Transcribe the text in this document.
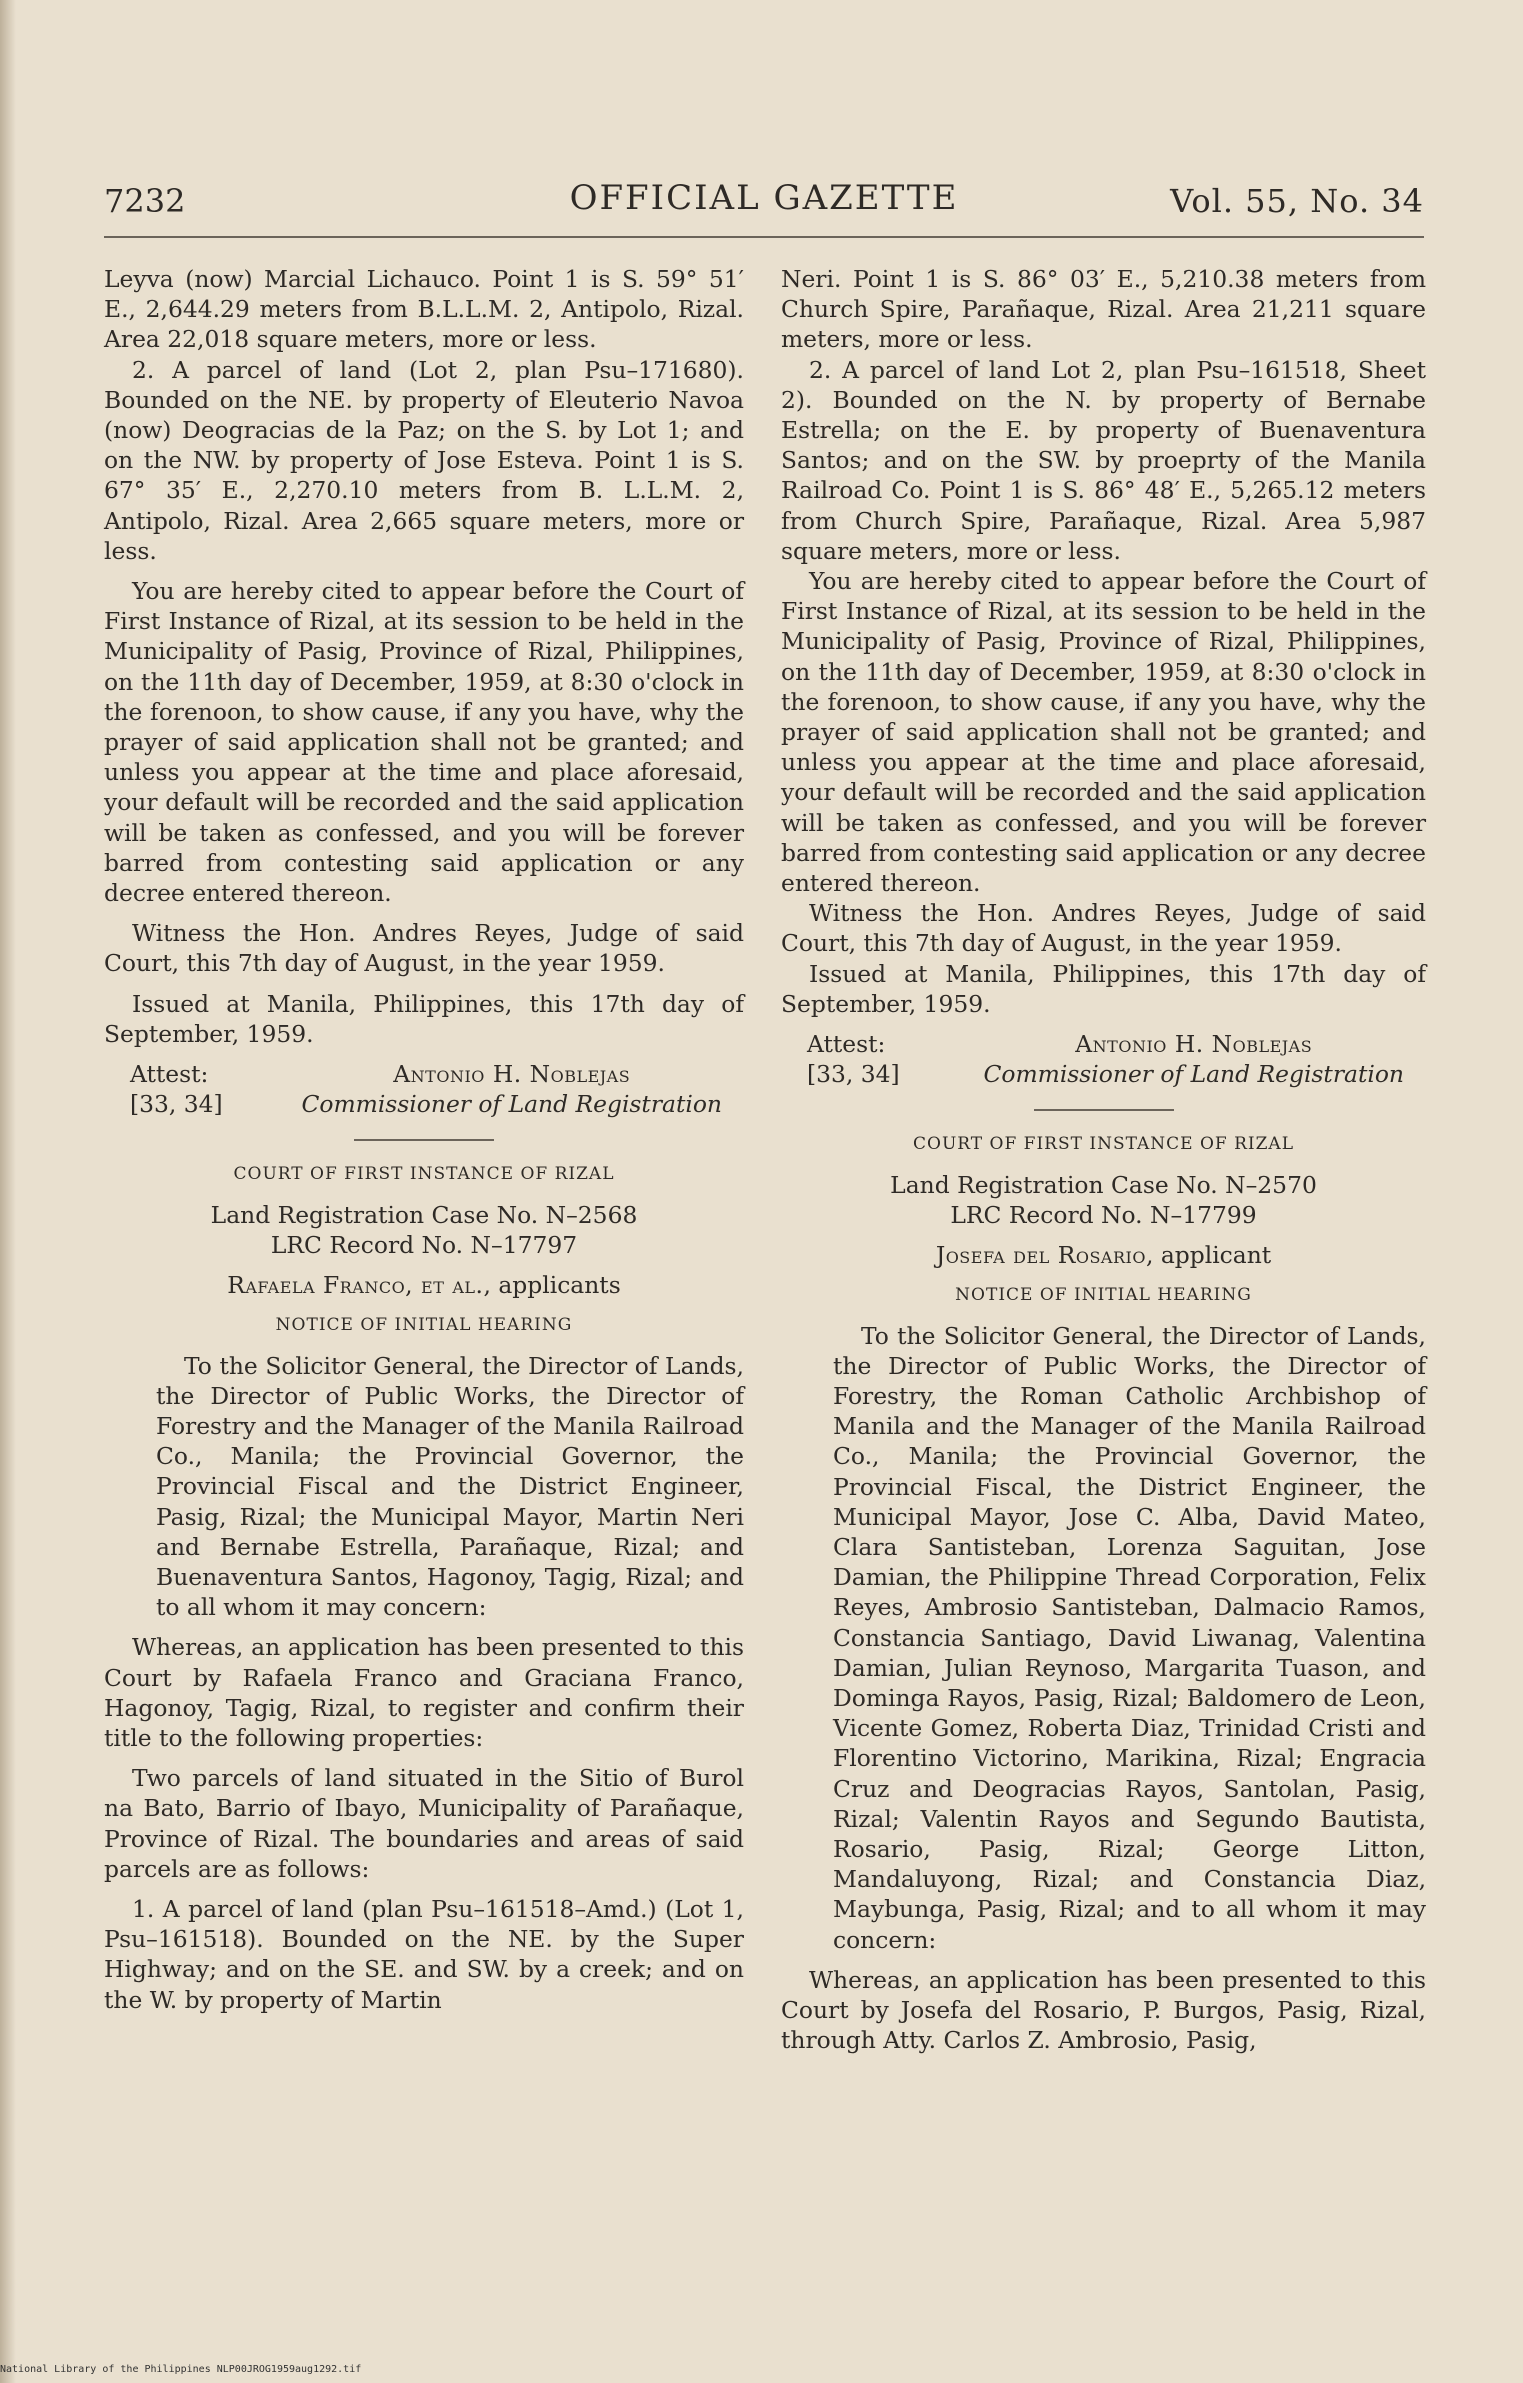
7232	OFFICIAL GAZETTE	Vol. 55, No. 34

Leyva (now) Marcial Lichauco. Point 1 is S. 59° 51′ E., 2,644.29 meters from B.L.L.M. 2, Antipolo, Rizal. Area 22,018 square meters, more or less.

2. A parcel of land (Lot 2, plan Psu–171680). Bounded on the NE. by property of Eleuterio Navoa (now) Deogracias de la Paz; on the S. by Lot 1; and on the NW. by property of Jose Esteva. Point 1 is S. 67° 35′ E., 2,270.10 meters from B. L.L.M. 2, Antipolo, Rizal. Area 2,665 square meters, more or less.

You are hereby cited to appear before the Court of First Instance of Rizal, at its session to be held in the Municipality of Pasig, Province of Rizal, Philippines, on the 11th day of December, 1959, at 8:30 o'clock in the forenoon, to show cause, if any you have, why the prayer of said application shall not be granted; and unless you appear at the time and place aforesaid, your default will be recorded and the said application will be taken as confessed, and you will be forever barred from contesting said application or any decree entered thereon.

Witness the Hon. Andres Reyes, Judge of said Court, this 7th day of August, in the year 1959.

Issued at Manila, Philippines, this 17th day of September, 1959.

Attest:
[33, 34]
Antonio H. Noblejas
Commissioner of Land Registration
COURT OF FIRST INSTANCE OF RIZAL
Land Registration Case No. N–2568
LRC Record No. N–17797
Rafaela Franco, et al., applicants
NOTICE OF INITIAL HEARING

To the Solicitor General, the Director of Lands, the Director of Public Works, the Director of Forestry and the Manager of the Manila Railroad Co., Manila; the Provincial Governor, the Provincial Fiscal and the District Engineer, Pasig, Rizal; the Municipal Mayor, Martin Neri and Bernabe Estrella, Parañaque, Rizal; and Buenaventura Santos, Hagonoy, Tagig, Rizal; and to all whom it may concern:

Whereas, an application has been presented to this Court by Rafaela Franco and Graciana Franco, Hagonoy, Tagig, Rizal, to register and confirm their title to the following properties:

Two parcels of land situated in the Sitio of Burol na Bato, Barrio of Ibayo, Municipality of Parañaque, Province of Rizal. The boundaries and areas of said parcels are as follows:

1. A parcel of land (plan Psu–161518–Amd.) (Lot 1, Psu–161518). Bounded on the NE. by the Super Highway; and on the SE. and SW. by a creek; and on the W. by property of Martin

Neri. Point 1 is S. 86° 03′ E., 5,210.38 meters from Church Spire, Parañaque, Rizal. Area 21,211 square meters, more or less.

2. A parcel of land Lot 2, plan Psu–161518, Sheet 2). Bounded on the N. by property of Bernabe Estrella; on the E. by property of Buenaventura Santos; and on the SW. by proeprty of the Manila Railroad Co. Point 1 is S. 86° 48′ E., 5,265.12 meters from Church Spire, Parañaque, Rizal. Area 5,987 square meters, more or less.

You are hereby cited to appear before the Court of First Instance of Rizal, at its session to be held in the Municipality of Pasig, Province of Rizal, Philippines, on the 11th day of December, 1959, at 8:30 o'clock in the forenoon, to show cause, if any you have, why the prayer of said application shall not be granted; and unless you appear at the time and place aforesaid, your default will be recorded and the said application will be taken as confessed, and you will be forever barred from contesting said application or any decree entered thereon.

Witness the Hon. Andres Reyes, Judge of said Court, this 7th day of August, in the year 1959.

Issued at Manila, Philippines, this 17th day of September, 1959.

Attest:
[33, 34]
Antonio H. Noblejas
Commissioner of Land Registration
COURT OF FIRST INSTANCE OF RIZAL
Land Registration Case No. N–2570
LRC Record No. N–17799
Josefa del Rosario, applicant
NOTICE OF INITIAL HEARING

To the Solicitor General, the Director of Lands, the Director of Public Works, the Director of Forestry, the Roman Catholic Archbishop of Manila and the Manager of the Manila Railroad Co., Manila; the Provincial Governor, the Provincial Fiscal, the District Engineer, the Municipal Mayor, Jose C. Alba, David Mateo, Clara Santisteban, Lorenza Saguitan, Jose Damian, the Philippine Thread Corporation, Felix Reyes, Ambrosio Santisteban, Dalmacio Ramos, Constancia Santiago, David Liwanag, Valentina Damian, Julian Reynoso, Margarita Tuason, and Dominga Rayos, Pasig, Rizal; Baldomero de Leon, Vicente Gomez, Roberta Diaz, Trinidad Cristi and Florentino Victorino, Marikina, Rizal; Engracia Cruz and Deogracias Rayos, Santolan, Pasig, Rizal; Valentin Rayos and Segundo Bautista, Rosario, Pasig, Rizal; George Litton, Mandaluyong, Rizal; and Constancia Diaz, Maybunga, Pasig, Rizal; and to all whom it may concern:

Whereas, an application has been presented to this Court by Josefa del Rosario, P. Burgos, Pasig, Rizal, through Atty. Carlos Z. Ambrosio, Pasig,

National Library of the Philippines NLP00JROG1959aug1292.tif
